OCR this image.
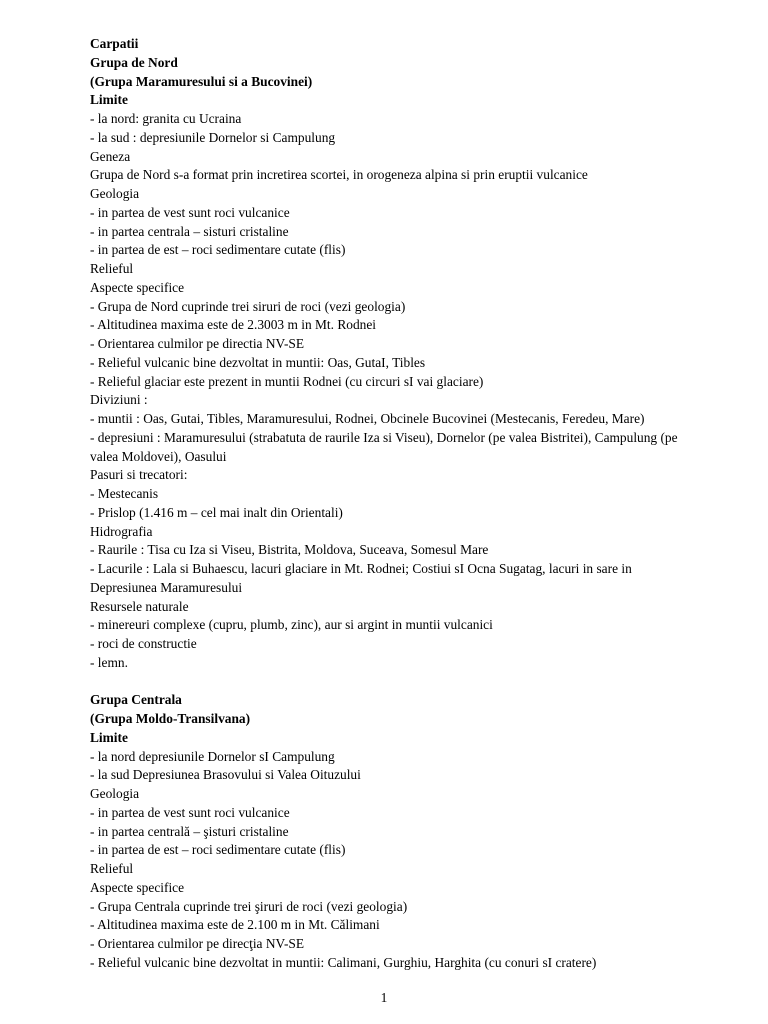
Carpatii
Grupa de Nord
(Grupa Maramuresului si a Bucovinei)
Limite
- la nord: granita cu Ucraina
- la sud : depresiunile Dornelor si Campulung
Geneza
Grupa de Nord s-a format prin incretirea scortei, in orogeneza alpina si prin eruptii vulcanice
Geologia
- in partea de vest sunt roci vulcanice
- in partea centrala – sisturi cristaline
- in partea de est – roci sedimentare cutate (flis)
Relieful
Aspecte specifice
- Grupa de Nord cuprinde trei siruri de roci (vezi geologia)
- Altitudinea maxima este de 2.3003 m in Mt. Rodnei
- Orientarea culmilor pe directia NV-SE
- Relieful vulcanic bine dezvoltat in muntii: Oas, GutaI, Tibles
- Relieful glaciar este prezent in muntii Rodnei (cu circuri sI vai glaciare)
Diviziuni :
- muntii : Oas, Gutai, Tibles, Maramuresului, Rodnei, Obcinele Bucovinei (Mestecanis, Feredeu, Mare)
- depresiuni : Maramuresului (strabatuta de raurile Iza si Viseu), Dornelor (pe valea Bistritei), Campulung (pe
valea Moldovei), Oasului
Pasuri si trecatori:
- Mestecanis
- Prislop (1.416 m – cel mai inalt din Orientali)
Hidrografia
- Raurile : Tisa cu Iza si Viseu, Bistrita, Moldova, Suceava, Somesul Mare
- Lacurile : Lala si Buhaescu, lacuri glaciare in Mt. Rodnei; Costiui sI Ocna Sugatag, lacuri in sare in
Depresiunea Maramuresului
Resursele naturale
- minereuri complexe (cupru, plumb, zinc), aur si argint in muntii vulcanici
- roci de constructie
- lemn.
Grupa Centrala
(Grupa Moldo-Transilvana)
Limite
- la nord depresiunile Dornelor sI Campulung
- la sud Depresiunea Brasovului si Valea Oituzului
Geologia
- in partea de vest sunt roci vulcanice
- in partea centrală – şisturi cristaline
- in partea de est – roci sedimentare cutate (flis)
Relieful
Aspecte specifice
- Grupa Centrala cuprinde trei şiruri de roci (vezi geologia)
- Altitudinea maxima este de 2.100 m in Mt. Călimani
- Orientarea culmilor pe direcţia NV-SE
- Relieful vulcanic bine dezvoltat in muntii: Calimani, Gurghiu, Harghita (cu conuri sI cratere)
1
